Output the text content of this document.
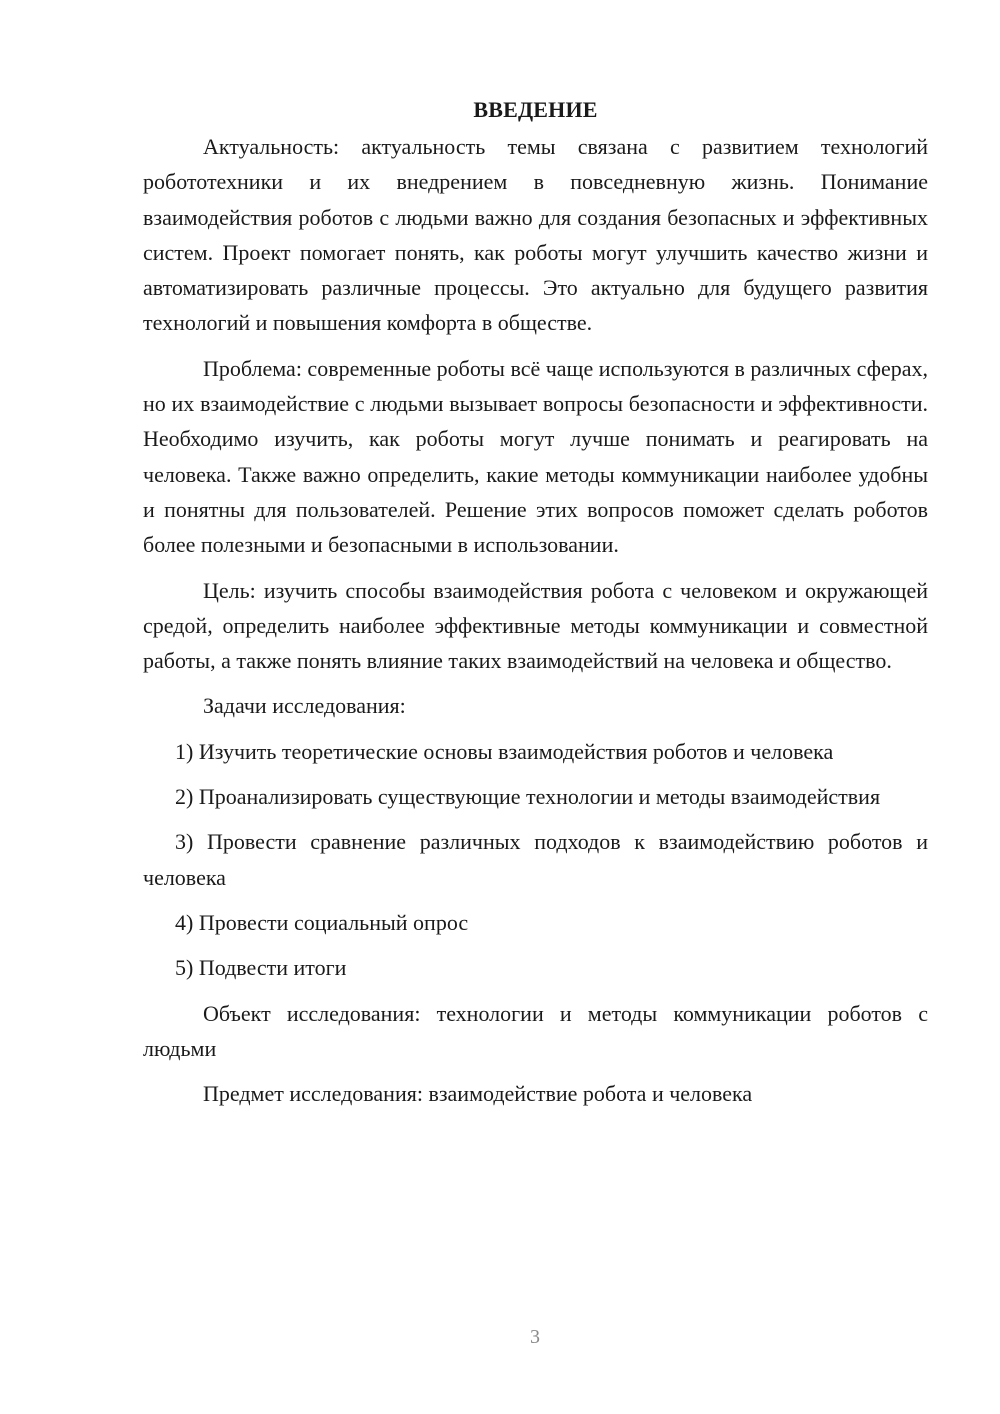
ВВЕДЕНИЕ

Актуальность: актуальность темы связана с развитием технологий робототехники и их внедрением в повседневную жизнь. Понимание взаимодействия роботов с людьми важно для создания безопасных и эффективных систем. Проект помогает понять, как роботы могут улучшить качество жизни и автоматизировать различные процессы. Это актуально для будущего развития технологий и повышения комфорта в обществе.

Проблема: современные роботы всё чаще используются в различных сферах, но их взаимодействие с людьми вызывает вопросы безопасности и эффективности. Необходимо изучить, как роботы могут лучше понимать и реагировать на человека. Также важно определить, какие методы коммуникации наиболее удобны и понятны для пользователей. Решение этих вопросов поможет сделать роботов более полезными и безопасными в использовании.

Цель: изучить способы взаимодействия робота с человеком и окружающей средой, определить наиболее эффективные методы коммуникации и совместной работы, а также понять влияние таких взаимодействий на человека и общество.

Задачи исследования:

1) Изучить теоретические основы взаимодействия роботов и человека

2) Проанализировать существующие технологии и методы взаимодействия

3) Провести сравнение различных подходов к взаимодействию роботов и человека

4) Провести социальный опрос

5) Подвести итоги

Объект исследования: технологии и методы коммуникации роботов с людьми

Предмет исследования: взаимодействие робота и человека

3
